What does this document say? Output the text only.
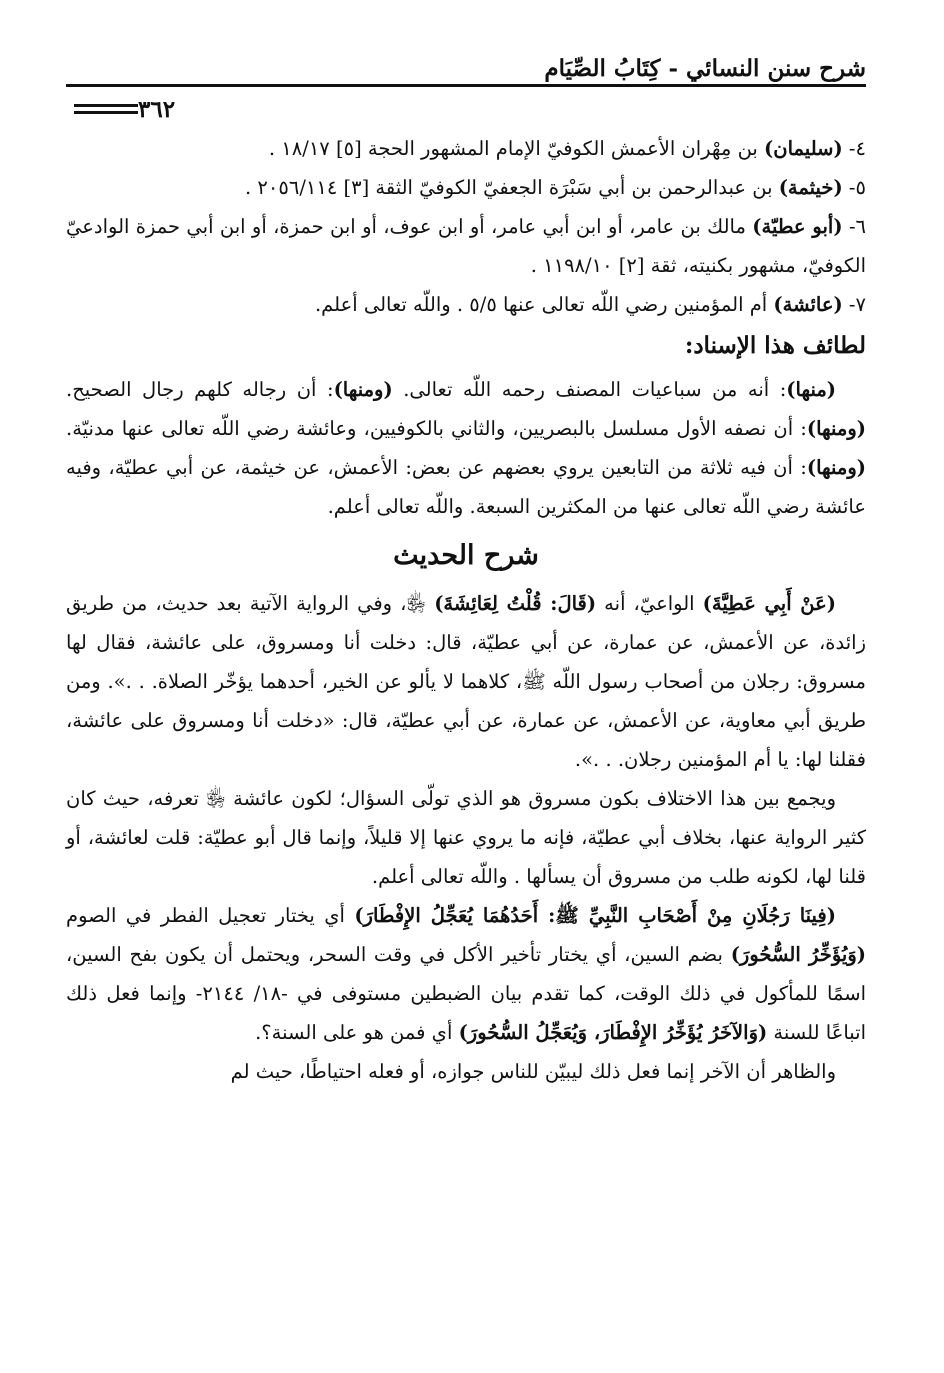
شرح سنن النسائي - كِتَابُ الصِّيَام
٣٦٢

٤- (سليمان) بن مِهْران الأعمش الكوفيّ الإمام المشهور الحجة [٥] ١٨/١٧ .

٥- (خيثمة) بن عبدالرحمن بن أبي سَبْرَة الجعفيّ الكوفيّ الثقة [٣] ٢٠٥٦/١١٤ .

٦- (أبو عطيّة) مالك بن عامر، أو ابن أبي عامر، أو ابن عوف، أو ابن حمزة، أو ابن أبي حمزة الوادعيّ الكوفيّ، مشهور بكنيته، ثقة [٢] ١١٩٨/١٠ .

٧- (عائشة) أم المؤمنين رضي اللّه تعالى عنها ٥/٥ . واللّه تعالى أعلم.

لطائف هذا الإسناد:

(منها): أنه من سباعيات المصنف رحمه اللّه تعالى. (ومنها): أن رجاله كلهم رجال الصحيح. (ومنها): أن نصفه الأول مسلسل بالبصريين، والثاني بالكوفيين، وعائشة رضي اللّه تعالى عنها مدنيّة. (ومنها): أن فيه ثلاثة من التابعين يروي بعضهم عن بعض: الأعمش، عن خيثمة، عن أبي عطيّة، وفيه عائشة رضي اللّه تعالى عنها من المكثرين السبعة. واللّه تعالى أعلم.

شرح الحديث

(عَنْ أَبِي عَطِيَّةَ) الواعيّ، أنه (قَالَ: قُلْتُ لِعَائِشَةَ) ﵂، وفي الرواية الآتية بعد حديث، من طريق زائدة، عن الأعمش، عن عمارة، عن أبي عطيّة، قال: دخلت أنا ومسروق، على عائشة، فقال لها مسروق: رجلان من أصحاب رسول اللّه ﷺ، كلاهما لا يألو عن الخير، أحدهما يؤخّر الصلاة. . .». ومن طريق أبي معاوية، عن الأعمش، عن عمارة، عن أبي عطيّة، قال: «دخلت أنا ومسروق على عائشة، فقلنا لها: يا أم المؤمنين رجلان. . .».

ويجمع بين هذا الاختلاف بكون مسروق هو الذي تولّى السؤال؛ لكون عائشة ﵂ تعرفه، حيث كان كثير الرواية عنها، بخلاف أبي عطيّة، فإنه ما يروي عنها إلا قليلاً، وإنما قال أبو عطيّة: قلت لعائشة، أو قلنا لها، لكونه طلب من مسروق أن يسألها . واللّه تعالى أعلم.

(فِينَا رَجُلَانِ مِنْ أَصْحَابِ النَّبِيِّ ﷺ: أَحَدُهُمَا يُعَجِّلُ الإِفْطَارَ) أي يختار تعجيل الفطر في الصوم (وَيُؤَخِّرُ السُّحُورَ) بضم السين، أي يختار تأخير الأكل في وقت السحر، ويحتمل أن يكون بفح السين، اسمًا للمأكول في ذلك الوقت، كما تقدم بيان الضبطين مستوفى في -١٨/ ٢١٤٤- وإنما فعل ذلك اتباعًا للسنة (وَالآخَرُ يُؤَخِّرُ الإِفْطَارَ، وَيُعَجِّلُ السُّحُورَ) أي فمن هو على السنة؟.

والظاهر أن الآخر إنما فعل ذلك ليبيّن للناس جوازه، أو فعله احتياطًا، حيث لم
